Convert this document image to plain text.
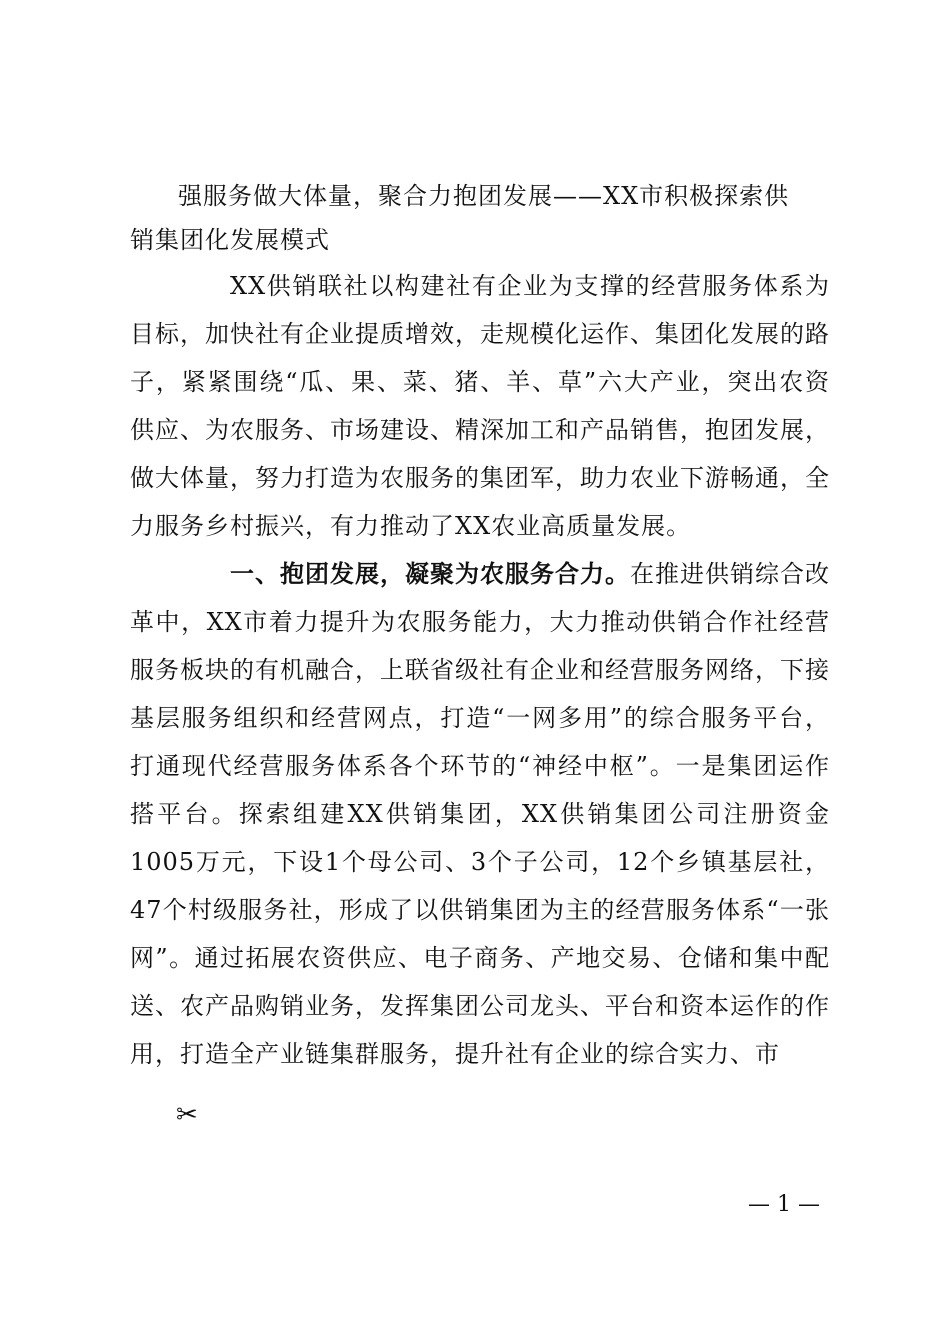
强服务做大体量，聚合力抱团发展——XX市积极探索供
销集团化发展模式

XX供销联社以构建社有企业为支撑的经营服务体系为目标，加快社有企业提质增效，走规模化运作、集团化发展的路子，紧紧围绕“瓜、果、菜、猪、羊、草”六大产业，突出农资供应、为农服务、市场建设、精深加工和产品销售，抱团发展，做大体量，努力打造为农服务的集团军，助力农业下游畅通，全力服务乡村振兴，有力推动了XX农业高质量发展。

一、抱团发展，凝聚为农服务合力。在推进供销综合改革中，XX市着力提升为农服务能力，大力推动供销合作社经营服务板块的有机融合，上联省级社有企业和经营服务网络，下接基层服务组织和经营网点，打造“一网多用”的综合服务平台，打通现代经营服务体系各个环节的“神经中枢”。一是集团运作搭平台。探索组建XX供销集团，XX供销集团公司注册资金1005万元，下设1个母公司、3个子公司，12个乡镇基层社，47个村级服务社，形成了以供销集团为主的经营服务体系“一张网”。通过拓展农资供应、电子商务、产地交易、仓储和集中配送、农产品购销业务，发挥集团公司龙头、平台和资本运作的作用，打造全产业链集群服务，提升社有企业的综合实力、市

✂
— 1 —
